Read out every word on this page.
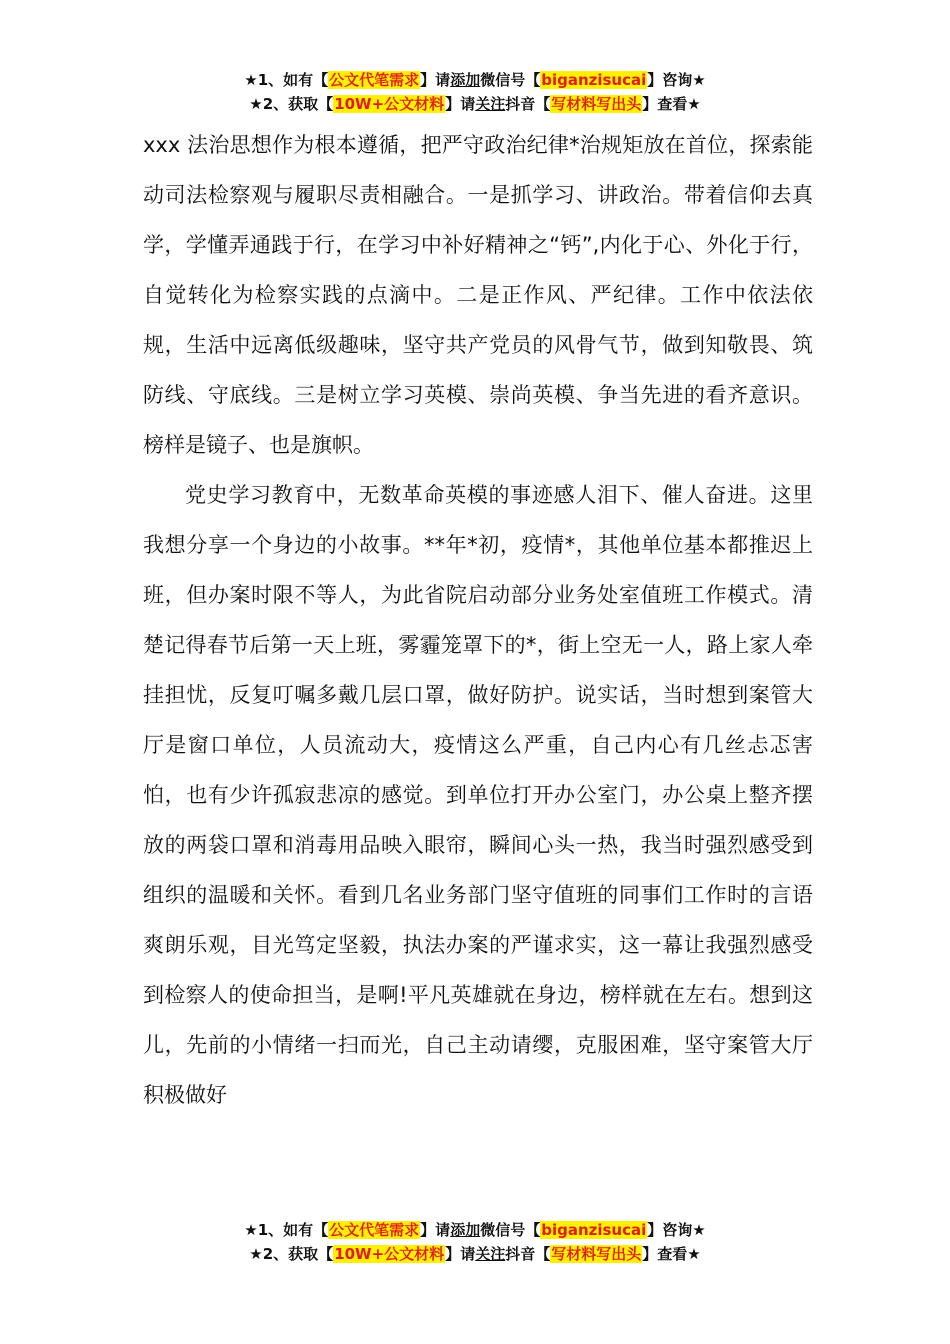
★1、如有【公文代笔需求】请添加微信号【biganzisucai】咨询★
★2、获取【10W+公文材料】请关注抖音【写材料写出头】查看★

xxx 法治思想作为根本遵循，把严守政治纪律*治规矩放在首位，探索能动司法检察观与履职尽责相融合。一是抓学习、讲政治。带着信仰去真学，学懂弄通践于行，在学习中补好精神之“钙”,内化于心、外化于行，自觉转化为检察实践的点滴中。二是正作风、严纪律。工作中依法依规，生活中远离低级趣味，坚守共产党员的风骨气节，做到知敬畏、筑防线、守底线。三是树立学习英模、崇尚英模、争当先进的看齐意识。榜样是镜子、也是旗帜。

党史学习教育中，无数革命英模的事迹感人泪下、催人奋进。这里我想分享一个身边的小故事。**年*初，疫情*，其他单位基本都推迟上班，但办案时限不等人，为此省院启动部分业务处室值班工作模式。清楚记得春节后第一天上班，雾霾笼罩下的*，街上空无一人，路上家人牵挂担忧，反复叮嘱多戴几层口罩，做好防护。说实话，当时想到案管大厅是窗口单位，人员流动大，疫情这么严重，自己内心有几丝忐忑害怕，也有少许孤寂悲凉的感觉。到单位打开办公室门，办公桌上整齐摆放的两袋口罩和消毒用品映入眼帘，瞬间心头一热，我当时强烈感受到组织的温暖和关怀。看到几名业务部门坚守值班的同事们工作时的言语爽朗乐观，目光笃定坚毅，执法办案的严谨求实，这一幕让我强烈感受到检察人的使命担当，是啊!平凡英雄就在身边，榜样就在左右。想到这儿，先前的小情绪一扫而光，自己主动请缨，克服困难，坚守案管大厅积极做好

★1、如有【公文代笔需求】请添加微信号【biganzisucai】咨询★
★2、获取【10W+公文材料】请关注抖音【写材料写出头】查看★
